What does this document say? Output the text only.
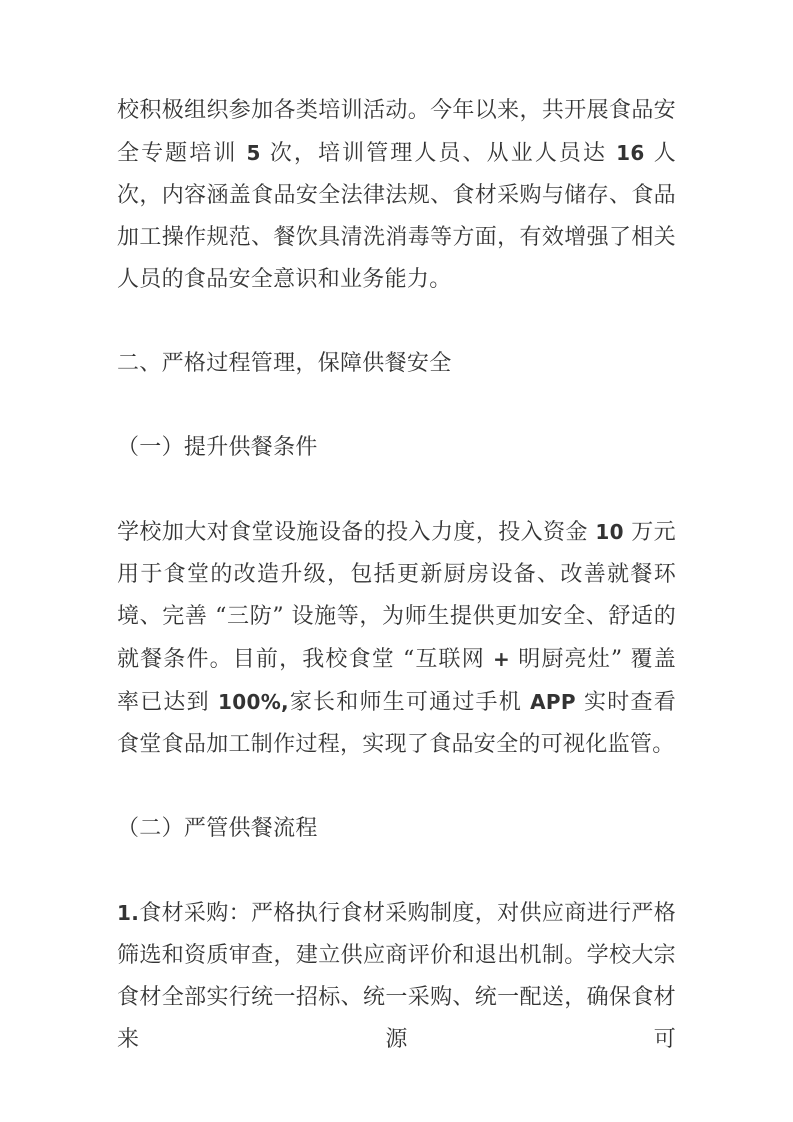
校积极组织参加各类培训活动。今年以来，共开展食品安全专题培训 5 次，培训管理人员、从业人员达 16 人次，内容涵盖食品安全法律法规、食材采购与储存、食品加工操作规范、餐饮具清洗消毒等方面，有效增强了相关人员的食品安全意识和业务能力。

二、严格过程管理，保障供餐安全

（一）提升供餐条件

学校加大对食堂设施设备的投入力度，投入资金 10 万元用于食堂的改造升级，包括更新厨房设备、改善就餐环境、完善 “三防” 设施等，为师生提供更加安全、舒适的就餐条件。目前，我校食堂 “互联网 + 明厨亮灶” 覆盖率已达到 100%,家长和师生可通过手机 APP 实时查看食堂食品加工制作过程，实现了食品安全的可视化监管。

（二）严管供餐流程

1.食材采购：严格执行食材采购制度，对供应商进行严格筛选和资质审查，建立供应商评价和退出机制。学校大宗食材全部实行统一招标、统一采购、统一配送，确保食材来源可
